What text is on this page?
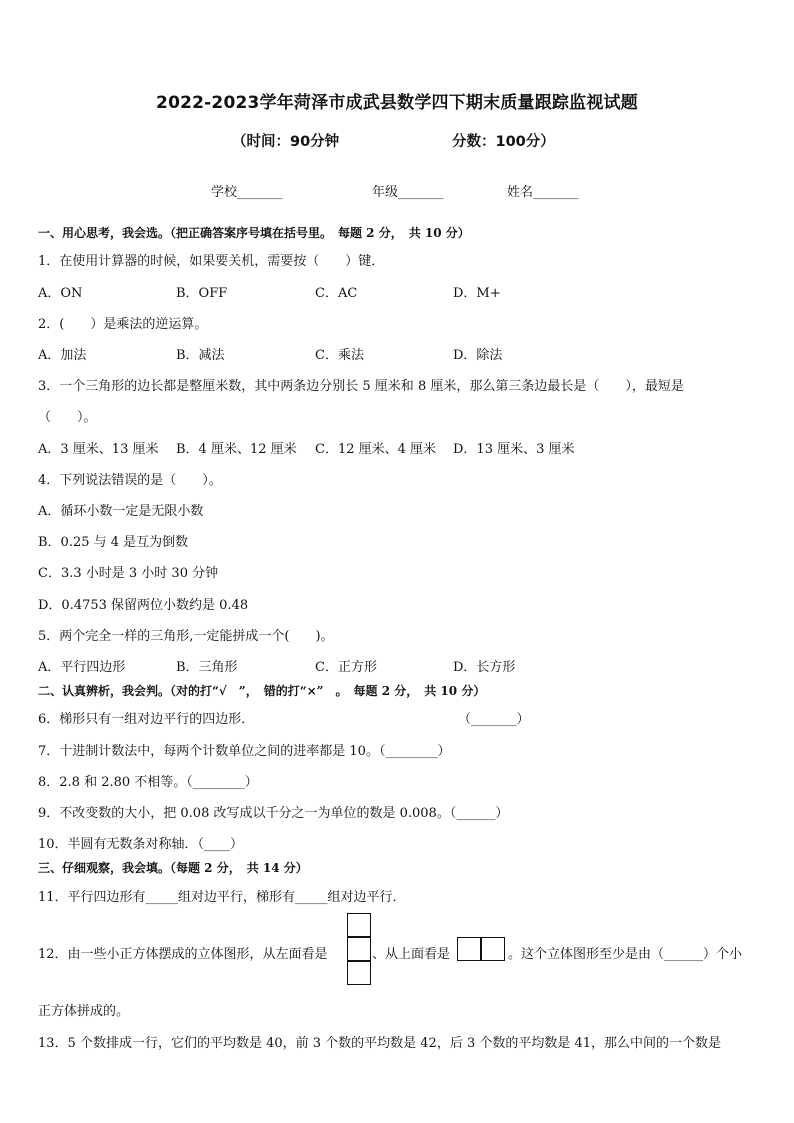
2022-2023学年菏泽市成武县数学四下期末质量跟踪监视试题
（时间：90分钟	分数：100分）
学校_______	年级_______	姓名_______
一、用心思考，我会选。（把正确答案序号填在括号里。　每题 2 分，　共 10 分）
1．在使用计算器的时候，如果要关机，需要按（　　）键．
A．ON	B．OFF	C．AC	D．M+
2．(　　）是乘法的逆运算。
A．加法	B．减法	C．乘法	D．除法
3．一个三角形的边长都是整厘米数，其中两条边分别长 5 厘米和 8 厘米，那么第三条边最长是（　　），最短是
（　　）。
A．3 厘米、13 厘米 B．4 厘米、12 厘米 C．12 厘米、4 厘米 D．13 厘米、3 厘米
4．下列说法错误的是（　　）。
A．循环小数一定是无限小数
B．0.25 与 4 是互为倒数
C．3.3 小时是 3 小时 30 分钟
D．0.4753 保留两位小数约是 0.48
5．两个完全一样的三角形,一定能拼成一个(　　)。
A．平行四边形	B．三角形	C．正方形	D．长方形
二、认真辨析，我会判。（对的打“√　”，　错的打“×”　。　每题 2 分，　共 10 分）
6．梯形只有一组对边平行的四边形．	（_______）
7．十进制计数法中，每两个计数单位之间的进率都是 10。（________）
8．2.8 和 2.80 不相等。（________）
9．不改变数的大小，把 0.08 改写成以千分之一为单位的数是 0.008。（______）
10．半圆有无数条对称轴．（____）
三、仔细观察，我会填。（每题 2 分，　共 14 分）
11．平行四边形有_____组对边平行，梯形有_____组对边平行．
12．由一些小正方体摆成的立体图形，从左面看是	、从上面看是	。这个立体图形至少是由（______）个小
正方体拼成的。
13．5 个数排成一行，它们的平均数是 40，前 3 个数的平均数是 42，后 3 个数的平均数是 41，那么中间的一个数是
